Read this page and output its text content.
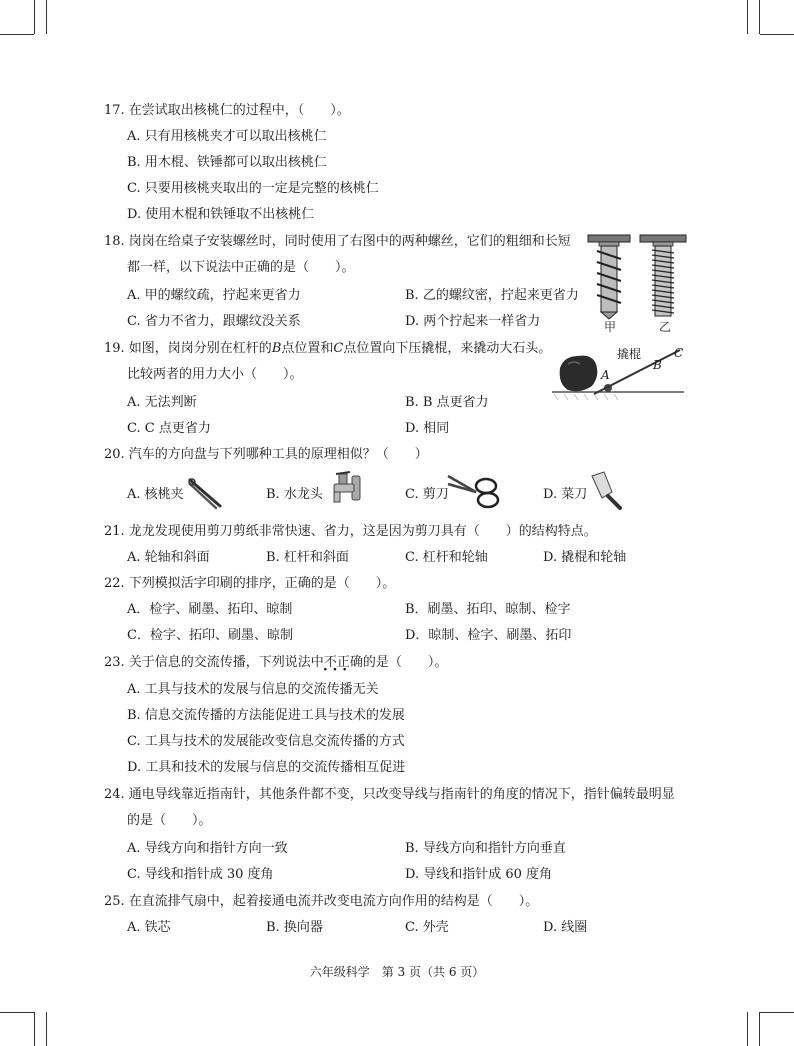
17. 在尝试取出核桃仁的过程中，（　　）。
A. 只有用核桃夹才可以取出核桃仁
B. 用木棍、铁锤都可以取出核桃仁
C. 只要用核桃夹取出的一定是完整的核桃仁
D. 使用木棍和铁锤取不出核桃仁
18. 岗岗在给桌子安装螺丝时，同时使用了右图中的两种螺丝，它们的粗细和长短
都一样，以下说法中正确的是（　　）。
A. 甲的螺纹疏，拧起来更省力	B. 乙的螺纹密，拧起来更省力
C. 省力不省力，跟螺纹没关系	D. 两个拧起来一样省力	甲	乙
19. 如图，岗岗分别在杠杆的B点位置和C点位置向下压撬棍，来撬动大石头。
比较两者的用力大小（　　）。
A. 无法判断	B. B 点更省力
C. C 点更省力	D. 相同
撬棍
A
B
C
20. 汽车的方向盘与下列哪种工具的原理相似？（　　）
A. 核桃夹	B. 水龙头	C. 剪刀	D. 菜刀
21. 龙龙发现使用剪刀剪纸非常快速、省力，这是因为剪刀具有（　　）的结构特点。
A. 轮轴和斜面	B. 杠杆和斜面	C. 杠杆和轮轴	D. 撬棍和轮轴
22. 下列模拟活字印刷的排序，正确的是（　　）。
A．检字、刷墨、拓印、晾制	B．刷墨、拓印、晾制、检字
C．检字、拓印、刷墨、晾制	D．晾制、检字、刷墨、拓印
23. 关于信息的交流传播，下列说法中不正确 · · ·的是（　　）。
A. 工具与技术的发展与信息的交流传播无关
B. 信息交流传播的方法能促进工具与技术的发展
C. 工具与技术的发展能改变信息交流传播的方式
D. 工具和技术的发展与信息的交流传播相互促进
24. 通电导线靠近指南针，其他条件都不变，只改变导线与指南针的角度的情况下，指针偏转最明显
的是（　　）。
A. 导线方向和指针方向一致	B. 导线方向和指针方向垂直
C. 导线和指针成 30 度角	D. 导线和指针成 60 度角
25. 在直流排气扇中，起着接通电流并改变电流方向作用的结构是（　　）。
A. 铁芯	B. 换向器	C. 外壳	D. 线圈
六年级科学　第 3 页（共 6 页）
